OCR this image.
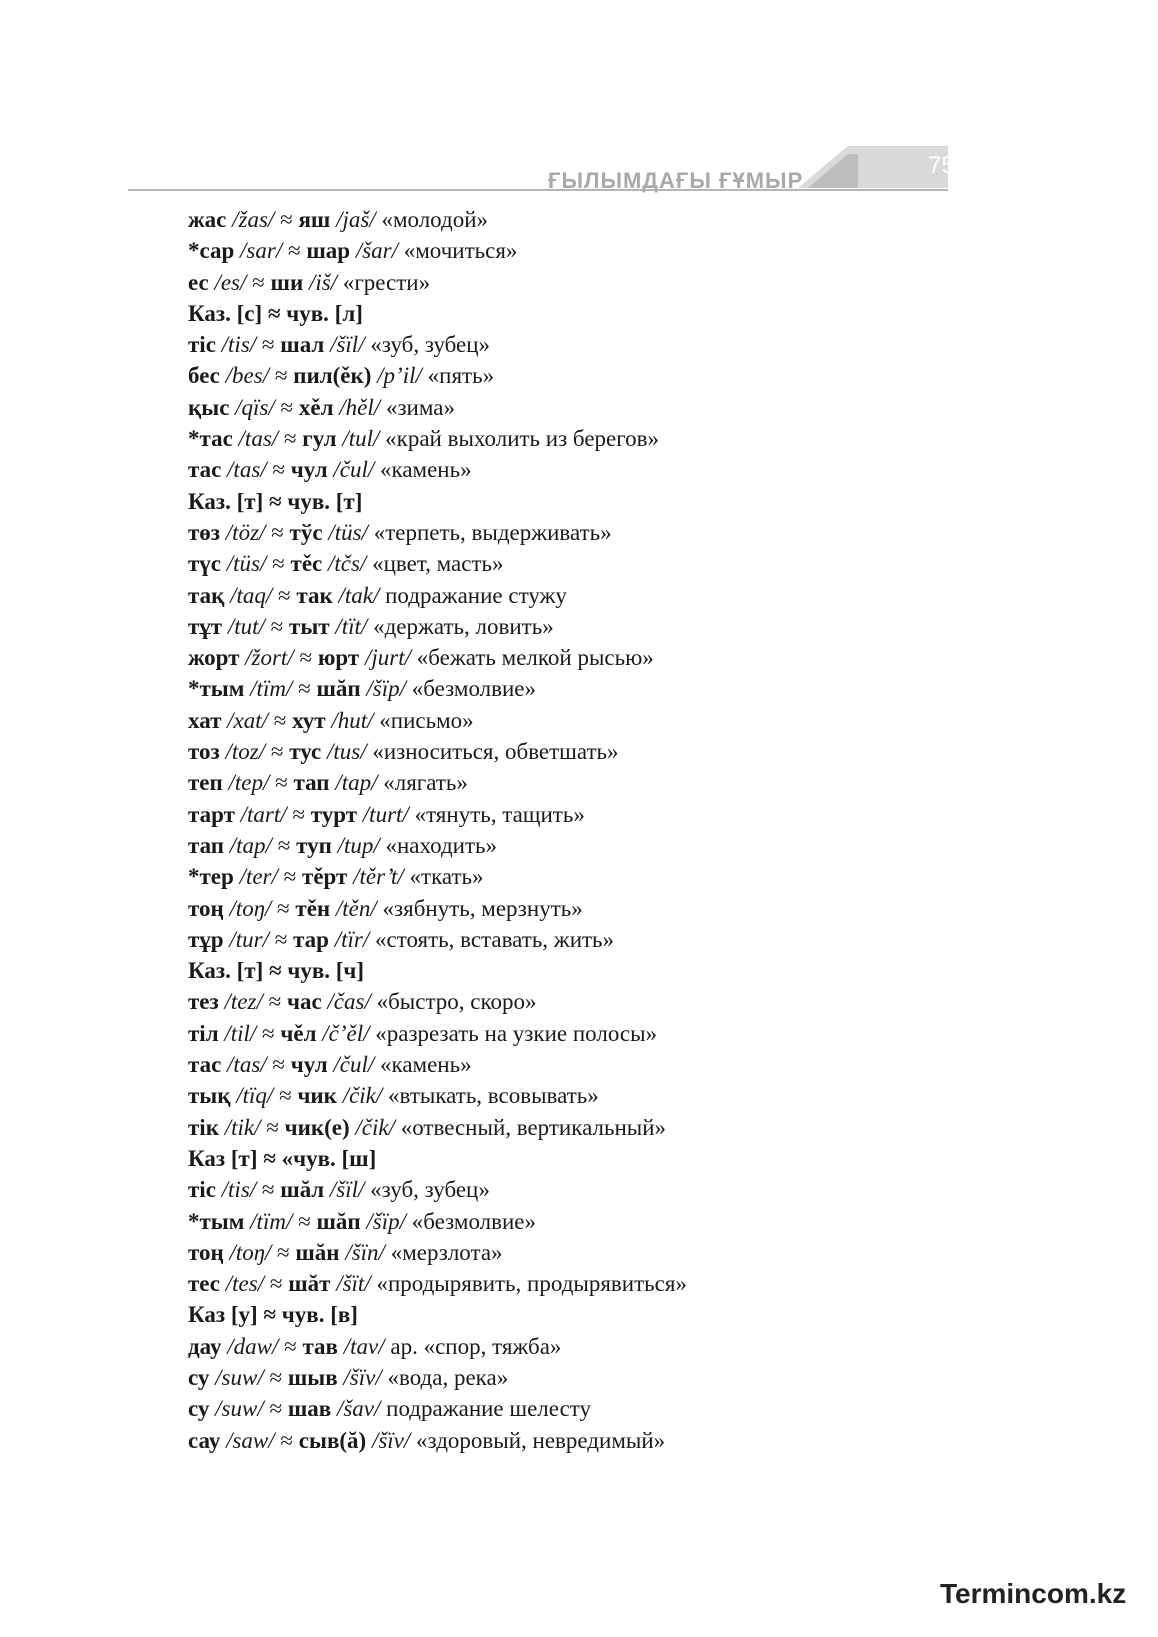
ҒЫЛЫМДАҒЫ ҒҰМЫР
75
жас /žas/ ≈ яш /jaš/ «молодой»
*сар /sar/ ≈ шар /šar/ «мочиться»
ес /es/ ≈ ши /iš/ «грести»
Каз. [с] ≈ чув. [л]
тіс /tis/ ≈ шал /šïl/ «зуб, зубец»
бес /bes/ ≈ пил(ěк) /p’il/ «пять»
қыс /qïs/ ≈ хěл /hěl/ «зима»
*тас /tas/ ≈ гул /tul/ «край выхолить из берегов»
тас /tas/ ≈ чул /čul/ «камень»
Каз. [т] ≈ чув. [т]
төз /töz/ ≈ тўс /tüs/ «терпеть, выдерживать»
түс /tüs/ ≈ тěс /tčs/ «цвет, масть»
тақ /taq/ ≈ так /tak/ подражание стужу
тұт /tut/ ≈ тыт /tït/ «держать, ловить»
жорт /žort/ ≈ юрт /jurt/ «бежать мелкой рысью»
*тым /tïm/ ≈ шăп /šïp/ «безмолвие»
хат /xat/ ≈ хут /hut/ «письмо»
тоз /toz/ ≈ тус /tus/ «износиться, обветшать»
теп /tep/ ≈ тап /tap/ «лягать»
тарт /tart/ ≈ турт /turt/ «тянуть, тащить»
тап /tap/ ≈ туп /tup/ «находить»
*тер /ter/ ≈ тěрт /těr’t/ «ткать»
тоң /toŋ/ ≈ тěн /těn/ «зябнуть, мерзнуть»
тұр /tur/ ≈ тар /tïr/ «стоять, вставать, жить»
Каз. [т] ≈ чув. [ч]
тез /tez/ ≈ час /čas/ «быстро, скоро»
тіл /til/ ≈ чěл /č’ěl/ «разрезать на узкие полосы»
тас /tas/ ≈ чул /čul/ «камень»
тық /tïq/ ≈ чик /čik/ «втыкать, всовывать»
тік /tik/ ≈ чик(е) /čik/ «отвесный, вертикальный»
Каз [т] ≈ «чув. [ш]
тіс /tis/ ≈ шăл /šïl/ «зуб, зубец»
*тым /tïm/ ≈ шăп /šïp/ «безмолвие»
тоң /toŋ/ ≈ шăн /šïn/ «мерзлота»
тес /tes/ ≈ шăт /šït/ «продырявить, продырявиться»
Каз [у] ≈ чув. [в]
дау /daw/ ≈ тав /tav/ ар. «спор, тяжба»
су /suw/ ≈ шыв /šïv/ «вода, река»
су /suw/ ≈ шав /šav/ подражание шелесту
сау /saw/ ≈ сыв(ă) /šïv/ «здоровый, невредимый»
Termincom.kz
